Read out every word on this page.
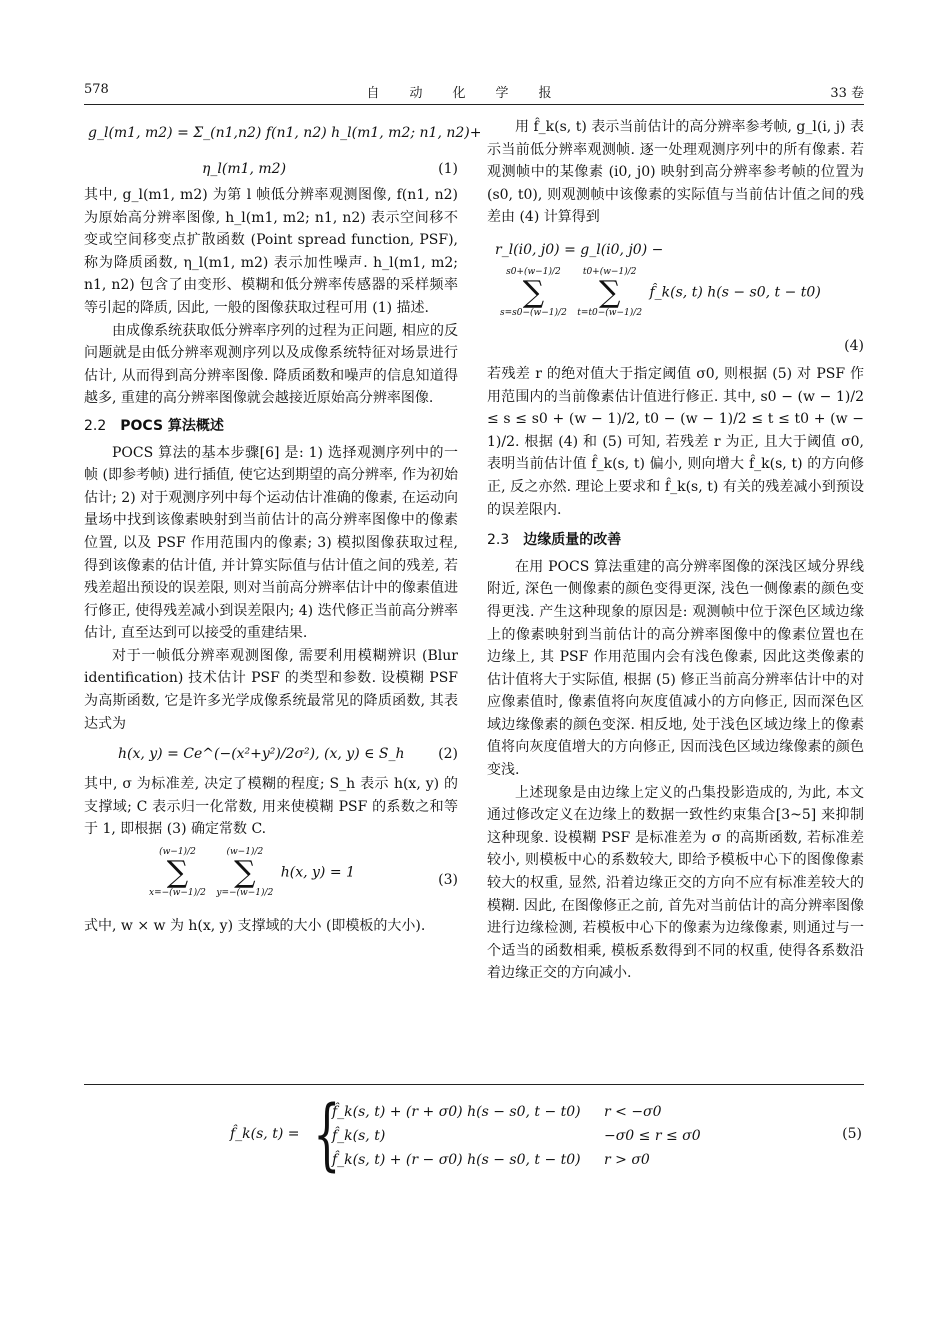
578	自动化学报	33 卷
g_l(m1, m2) = Σ_(n1,n2) f(n1, n2) h_l(m1, m2; n1, n2)+
η_l(m1, m2)	(1)

其中, g_l(m1, m2) 为第 l 帧低分辨率观测图像, f(n1, n2) 为原始高分辨率图像, h_l(m1, m2; n1, n2) 表示空间移不变或空间移变点扩散函数 (Point spread function, PSF), 称为降质函数, η_l(m1, m2) 表示加性噪声. h_l(m1, m2; n1, n2) 包含了由变形、模糊和低分辨率传感器的采样频率等引起的降质, 因此, 一般的图像获取过程可用 (1) 描述.

由成像系统获取低分辨率序列的过程为正问题, 相应的反问题就是由低分辨率观测序列以及成像系统特征对场景进行估计, 从而得到高分辨率图像. 降质函数和噪声的信息知道得越多, 重建的高分辨率图像就会越接近原始高分辨率图像.

2.2 POCS 算法概述

POCS 算法的基本步骤[6] 是: 1) 选择观测序列中的一帧 (即参考帧) 进行插值, 使它达到期望的高分辨率, 作为初始估计; 2) 对于观测序列中每个运动估计准确的像素, 在运动向量场中找到该像素映射到当前估计的高分辨率图像中的像素位置, 以及 PSF 作用范围内的像素; 3) 模拟图像获取过程, 得到该像素的估计值, 并计算实际值与估计值之间的残差, 若残差超出预设的误差限, 则对当前高分辨率估计中的像素值进行修正, 使得残差减小到误差限内; 4) 迭代修正当前高分辨率估计, 直至达到可以接受的重建结果.

对于一帧低分辨率观测图像, 需要利用模糊辨识 (Blur identification) 技术估计 PSF 的类型和参数. 设模糊 PSF 为高斯函数, 它是许多光学成像系统最常见的降质函数, 其表达式为

h(x, y) = Ce^(−(x²+y²)/2σ²), (x, y) ∈ S_h (2)

其中, σ 为标准差, 决定了模糊的程度; S_h 表示 h(x, y) 的支撑域; C 表示归一化常数, 用来使模糊 PSF 的系数之和等于 1, 即根据 (3) 确定常数 C.

(w−1)/2
∑
x=−(w−1)/2

(w−1)/2
∑
y=−(w−1)/2
h(x, y) = 1	(3)

式中, w × w 为 h(x, y) 支撑域的大小 (即模板的大小).

用 f̂_k(s, t) 表示当前估计的高分辨率参考帧, g_l(i, j) 表示当前低分辨率观测帧. 逐一处理观测序列中的所有像素. 若观测帧中的某像素 (i0, j0) 映射到高分辨率参考帧的位置为 (s0, t0), 则观测帧中该像素的实际值与当前估计值之间的残差由 (4) 计算得到

r_l(i0, j0) = g_l(i0, j0) −
s0+(w−1)/2
∑
s=s0−(w−1)/2

t0+(w−1)/2
∑
t=t0−(w−1)/2
f̂_k(s, t) h(s − s0, t − t0)
(4)

若残差 r 的绝对值大于指定阈值 σ0, 则根据 (5) 对 PSF 作用范围内的当前像素估计值进行修正. 其中, s0 − (w − 1)/2 ≤ s ≤ s0 + (w − 1)/2, t0 − (w − 1)/2 ≤ t ≤ t0 + (w − 1)/2. 根据 (4) 和 (5) 可知, 若残差 r 为正, 且大于阈值 σ0, 表明当前估计值 f̂_k(s, t) 偏小, 则向增大 f̂_k(s, t) 的方向修正, 反之亦然. 理论上要求和 f̂_k(s, t) 有关的残差减小到预设的误差限内.

2.3 边缘质量的改善

在用 POCS 算法重建的高分辨率图像的深浅区域分界线附近, 深色一侧像素的颜色变得更深, 浅色一侧像素的颜色变得更浅. 产生这种现象的原因是: 观测帧中位于深色区域边缘上的像素映射到当前估计的高分辨率图像中的像素位置也在边缘上, 其 PSF 作用范围内会有浅色像素, 因此这类像素的估计值将大于实际值, 根据 (5) 修正当前高分辨率估计中的对应像素值时, 像素值将向灰度值减小的方向修正, 因而深色区域边缘像素的颜色变深. 相反地, 处于浅色区域边缘上的像素值将向灰度值增大的方向修正, 因而浅色区域边缘像素的颜色变浅.

上述现象是由边缘上定义的凸集投影造成的, 为此, 本文通过修改定义在边缘上的数据一致性约束集合[3~5] 来抑制这种现象. 设模糊 PSF 是标准差为 σ 的高斯函数, 若标准差较小, 则模板中心的系数较大, 即给予模板中心下的图像像素较大的权重, 显然, 沿着边缘正交的方向不应有标准差较大的模糊. 因此, 在图像修正之前, 首先对当前估计的高分辨率图像进行边缘检测, 若模板中心下的像素为边缘像素, 则通过与一个适当的函数相乘, 模板系数得到不同的权重, 使得各系数沿着边缘正交的方向减小.

f̂_k(s, t) = {
f̂_k(s, t) + (r + σ0) h(s − s0, t − t0)
f̂_k(s, t)
f̂_k(s, t) + (r − σ0) h(s − s0, t − t0)
r < −σ0
−σ0 ≤ r ≤ σ0
r > σ0
(5)
